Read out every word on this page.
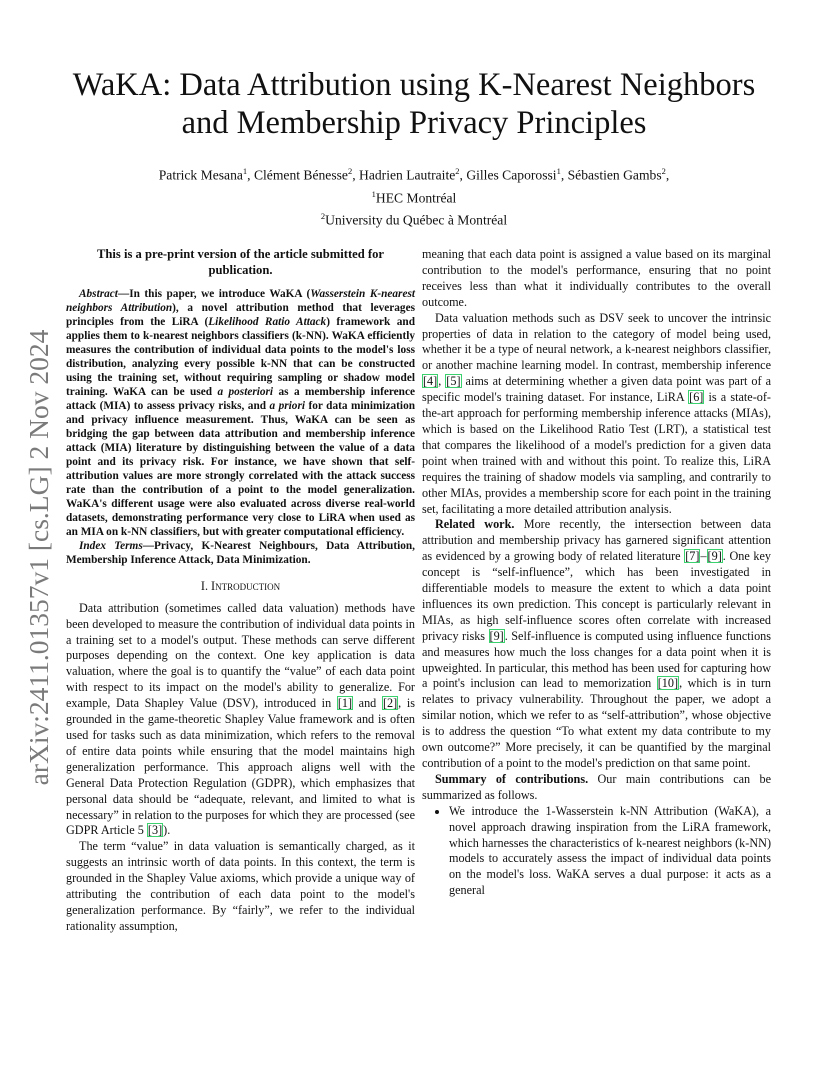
arXiv:2411.01357v1 [cs.LG] 2 Nov 2024
WaKA: Data Attribution using K-Nearest Neighbors
and Membership Privacy Principles
Patrick Mesana$^1$, Clément Bénesse$^2$, Hadrien Lautraite$^2$, Gilles Caporossi$^1$, Sébastien Gambs$^2$,
$^1$HEC Montréal
$^2$University du Québec à Montréal

This is a pre-print version of the article submitted for publication.

Abstract—In this paper, we introduce WaKA (Wasserstein K-nearest neighbors Attribution), a novel attribution method that leverages principles from the LiRA (Likelihood Ratio Attack) framework and applies them to k-nearest neighbors classifiers (k-NN). WaKA efficiently measures the contribution of individual data points to the model's loss distribution, analyzing every possible k-NN that can be constructed using the training set, without requiring sampling or shadow model training. WaKA can be used a posteriori as a membership inference attack (MIA) to assess privacy risks, and a priori for data minimization and privacy influence measurement. Thus, WaKA can be seen as bridging the gap between data attribution and membership inference attack (MIA) literature by distinguishing between the value of a data point and its privacy risk. For instance, we have shown that self-attribution values are more strongly correlated with the attack success rate than the contribution of a point to the model generalization. WaKA's different usage were also evaluated across diverse real-world datasets, demonstrating performance very close to LiRA when used as an MIA on k-NN classifiers, but with greater computational efficiency.

Index Terms—Privacy, K-Nearest Neighbours, Data Attribution, Membership Inference Attack, Data Minimization.

I. Introduction

Data attribution (sometimes called data valuation) methods have been developed to measure the contribution of individual data points in a training set to a model's output. These methods can serve different purposes depending on the context. One key application is data valuation, where the goal is to quantify the “value” of each data point with respect to its impact on the model's ability to generalize. For example, Data Shapley Value (DSV), introduced in [1] and [2], is grounded in the game-theoretic Shapley Value framework and is often used for tasks such as data minimization, which refers to the removal of entire data points while ensuring that the model maintains high generalization performance. This approach aligns well with the General Data Protection Regulation (GDPR), which emphasizes that personal data should be “adequate, relevant, and limited to what is necessary” in relation to the purposes for which they are processed (see GDPR Article 5 [3]).

The term “value” in data valuation is semantically charged, as it suggests an intrinsic worth of data points. In this context, the term is grounded in the Shapley Value axioms, which provide a unique way of attributing the contribution of each data point to the model's generalization performance. By “fairly”, we refer to the individual rationality assumption,

meaning that each data point is assigned a value based on its marginal contribution to the model's performance, ensuring that no point receives less than what it individually contributes to the overall outcome.

Data valuation methods such as DSV seek to uncover the intrinsic properties of data in relation to the category of model being used, whether it be a type of neural network, a k-nearest neighbors classifier, or another machine learning model. In contrast, membership inference [4], [5] aims at determining whether a given data point was part of a specific model's training dataset. For instance, LiRA [6] is a state-of-the-art approach for performing membership inference attacks (MIAs), which is based on the Likelihood Ratio Test (LRT), a statistical test that compares the likelihood of a model's prediction for a given data point when trained with and without this point. To realize this, LiRA requires the training of shadow models via sampling, and contrarily to other MIAs, provides a membership score for each point in the training set, facilitating a more detailed attribution analysis.

Related work. More recently, the intersection between data attribution and membership privacy has garnered significant attention as evidenced by a growing body of related literature [7]–[9]. One key concept is “self-influence”, which has been investigated in differentiable models to measure the extent to which a data point influences its own prediction. This concept is particularly relevant in MIAs, as high self-influence scores often correlate with increased privacy risks [9]. Self-influence is computed using influence functions and measures how much the loss changes for a data point when it is upweighted. In particular, this method has been used for capturing how a point's inclusion can lead to memorization [10], which is in turn relates to privacy vulnerability. Throughout the paper, we adopt a similar notion, which we refer to as “self-attribution”, whose objective is to address the question “To what extent my data contribute to my own outcome?” More precisely, it can be quantified by the marginal contribution of a point to the model's prediction on that same point.

Summary of contributions. Our main contributions can be summarized as follows.

• We introduce the 1-Wasserstein k-NN Attribution (WaKA), a novel approach drawing inspiration from the LiRA framework, which harnesses the characteristics of k-nearest neighbors (k-NN) models to accurately assess the impact of individual data points on the model's loss. WaKA serves a dual purpose: it acts as a general
